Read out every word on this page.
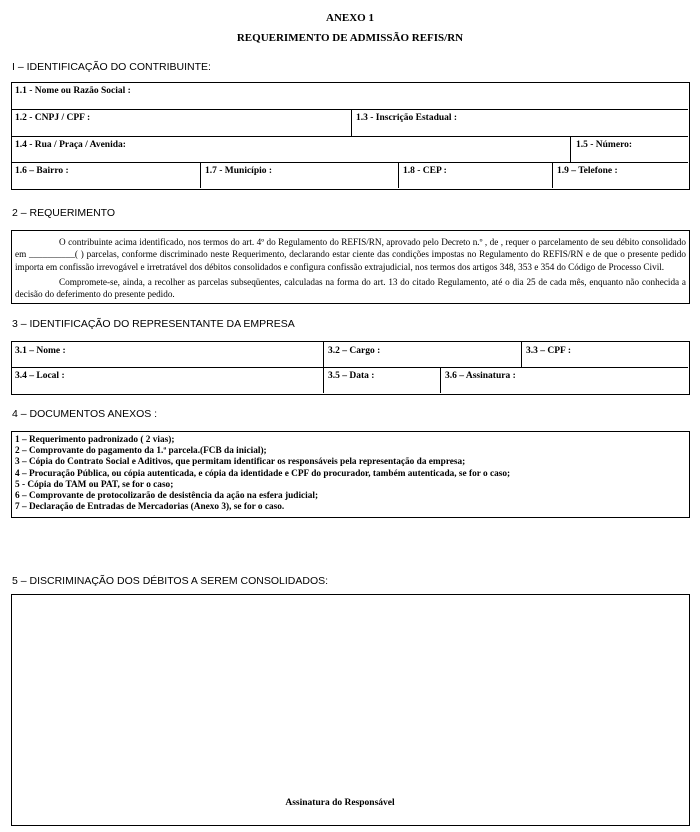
ANEXO 1
REQUERIMENTO DE ADMISSÃO REFIS/RN
I – IDENTIFICAÇÃO DO CONTRIBUINTE:
1.1 - Nome ou Razão Social :
1.2 - CNPJ / CPF :	1.3 - Inscrição Estadual :
1.4 - Rua / Praça / Avenida:	1.5 - Número:
1.6 – Bairro :	1.7 - Município :	1.8 - CEP :	1.9 – Telefone :
2 – REQUERIMENTO
O contribuinte acima identificado, nos termos do art. 4º do Regulamento do REFIS/RN, aprovado pelo Decreto n.º , de , requer o parcelamento de seu débito consolidado em __________( ) parcelas, conforme discriminado neste Requerimento, declarando estar ciente das condições impostas no Regulamento do REFIS/RN e de que o presente pedido importa em confissão irrevogável e irretratável dos débitos consolidados e configura confissão extrajudicial, nos termos dos artigos 348, 353 e 354 do Código de Processo Civil.
Compromete-se, ainda, a recolher as parcelas subseqüentes, calculadas na forma do art. 13 do citado Regulamento, até o dia 25 de cada mês, enquanto não conhecida a decisão do deferimento do presente pedido.
3 – IDENTIFICAÇÃO DO REPRESENTANTE DA EMPRESA
3.1 – Nome :	3.2 – Cargo :	3.3 – CPF :
3.4 – Local :	3.5 – Data :	3.6 – Assinatura :
4 – DOCUMENTOS ANEXOS :
1 – Requerimento padronizado ( 2 vias);
2 – Comprovante do pagamento da 1.ª parcela.(FCB da inicial);
3 – Cópia do Contrato Social e Aditivos, que permitam identificar os responsáveis pela representação da empresa;
4 – Procuração Pública, ou cópia autenticada, e cópia da identidade e CPF do procurador, também autenticada, se for o caso;
5 - Cópia do TAM ou PAT, se for o caso;
6 – Comprovante de protocolizarão de desistência da ação na esfera judicial;
7 – Declaração de Entradas de Mercadorias (Anexo 3), se for o caso.
5 – DISCRIMINAÇÃO DOS DÉBITOS A SEREM CONSOLIDADOS:
Assinatura do Responsável
